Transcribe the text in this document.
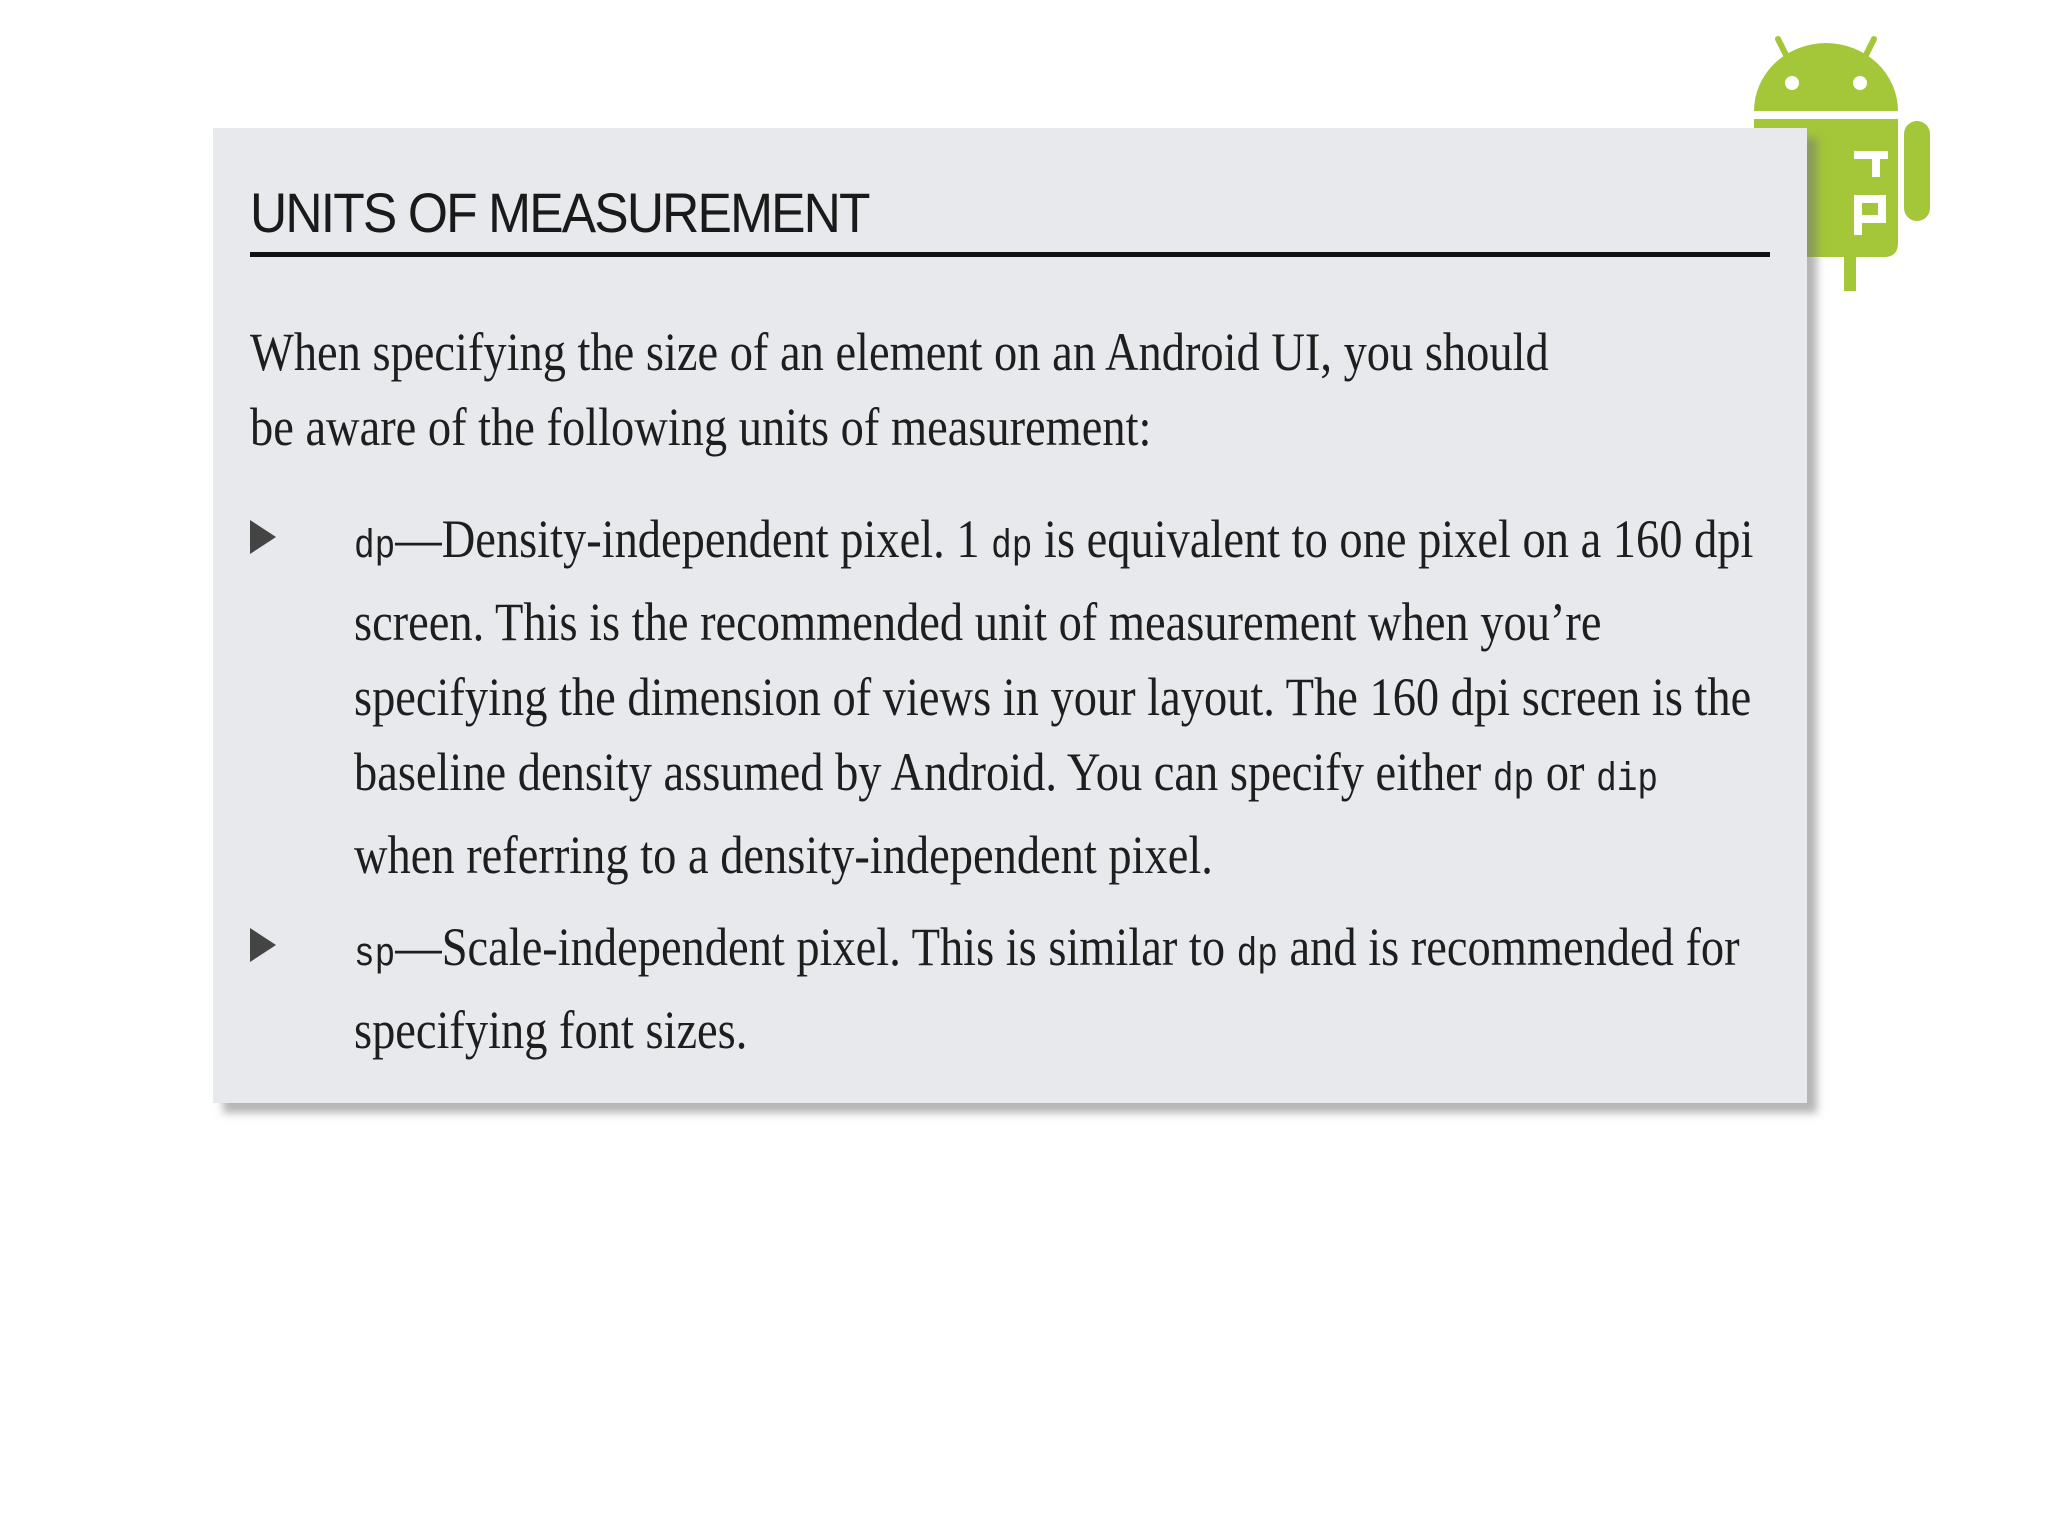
UNITS OF MEASUREMENT

When specifying the size of an element on an Android UI, you should be aware of the following units of measurement:

dp—Density-independent pixel. 1 dp is equivalent to one pixel on a 160 dpi screen. This is the recommended unit of measurement when you’re specifying the dimension of views in your layout. The 160 dpi screen is the baseline density assumed by Android. You can specify either dp or dip when referring to a density-independent pixel.
sp—Scale-independent pixel. This is similar to dp and is recommended for specifying font sizes.
